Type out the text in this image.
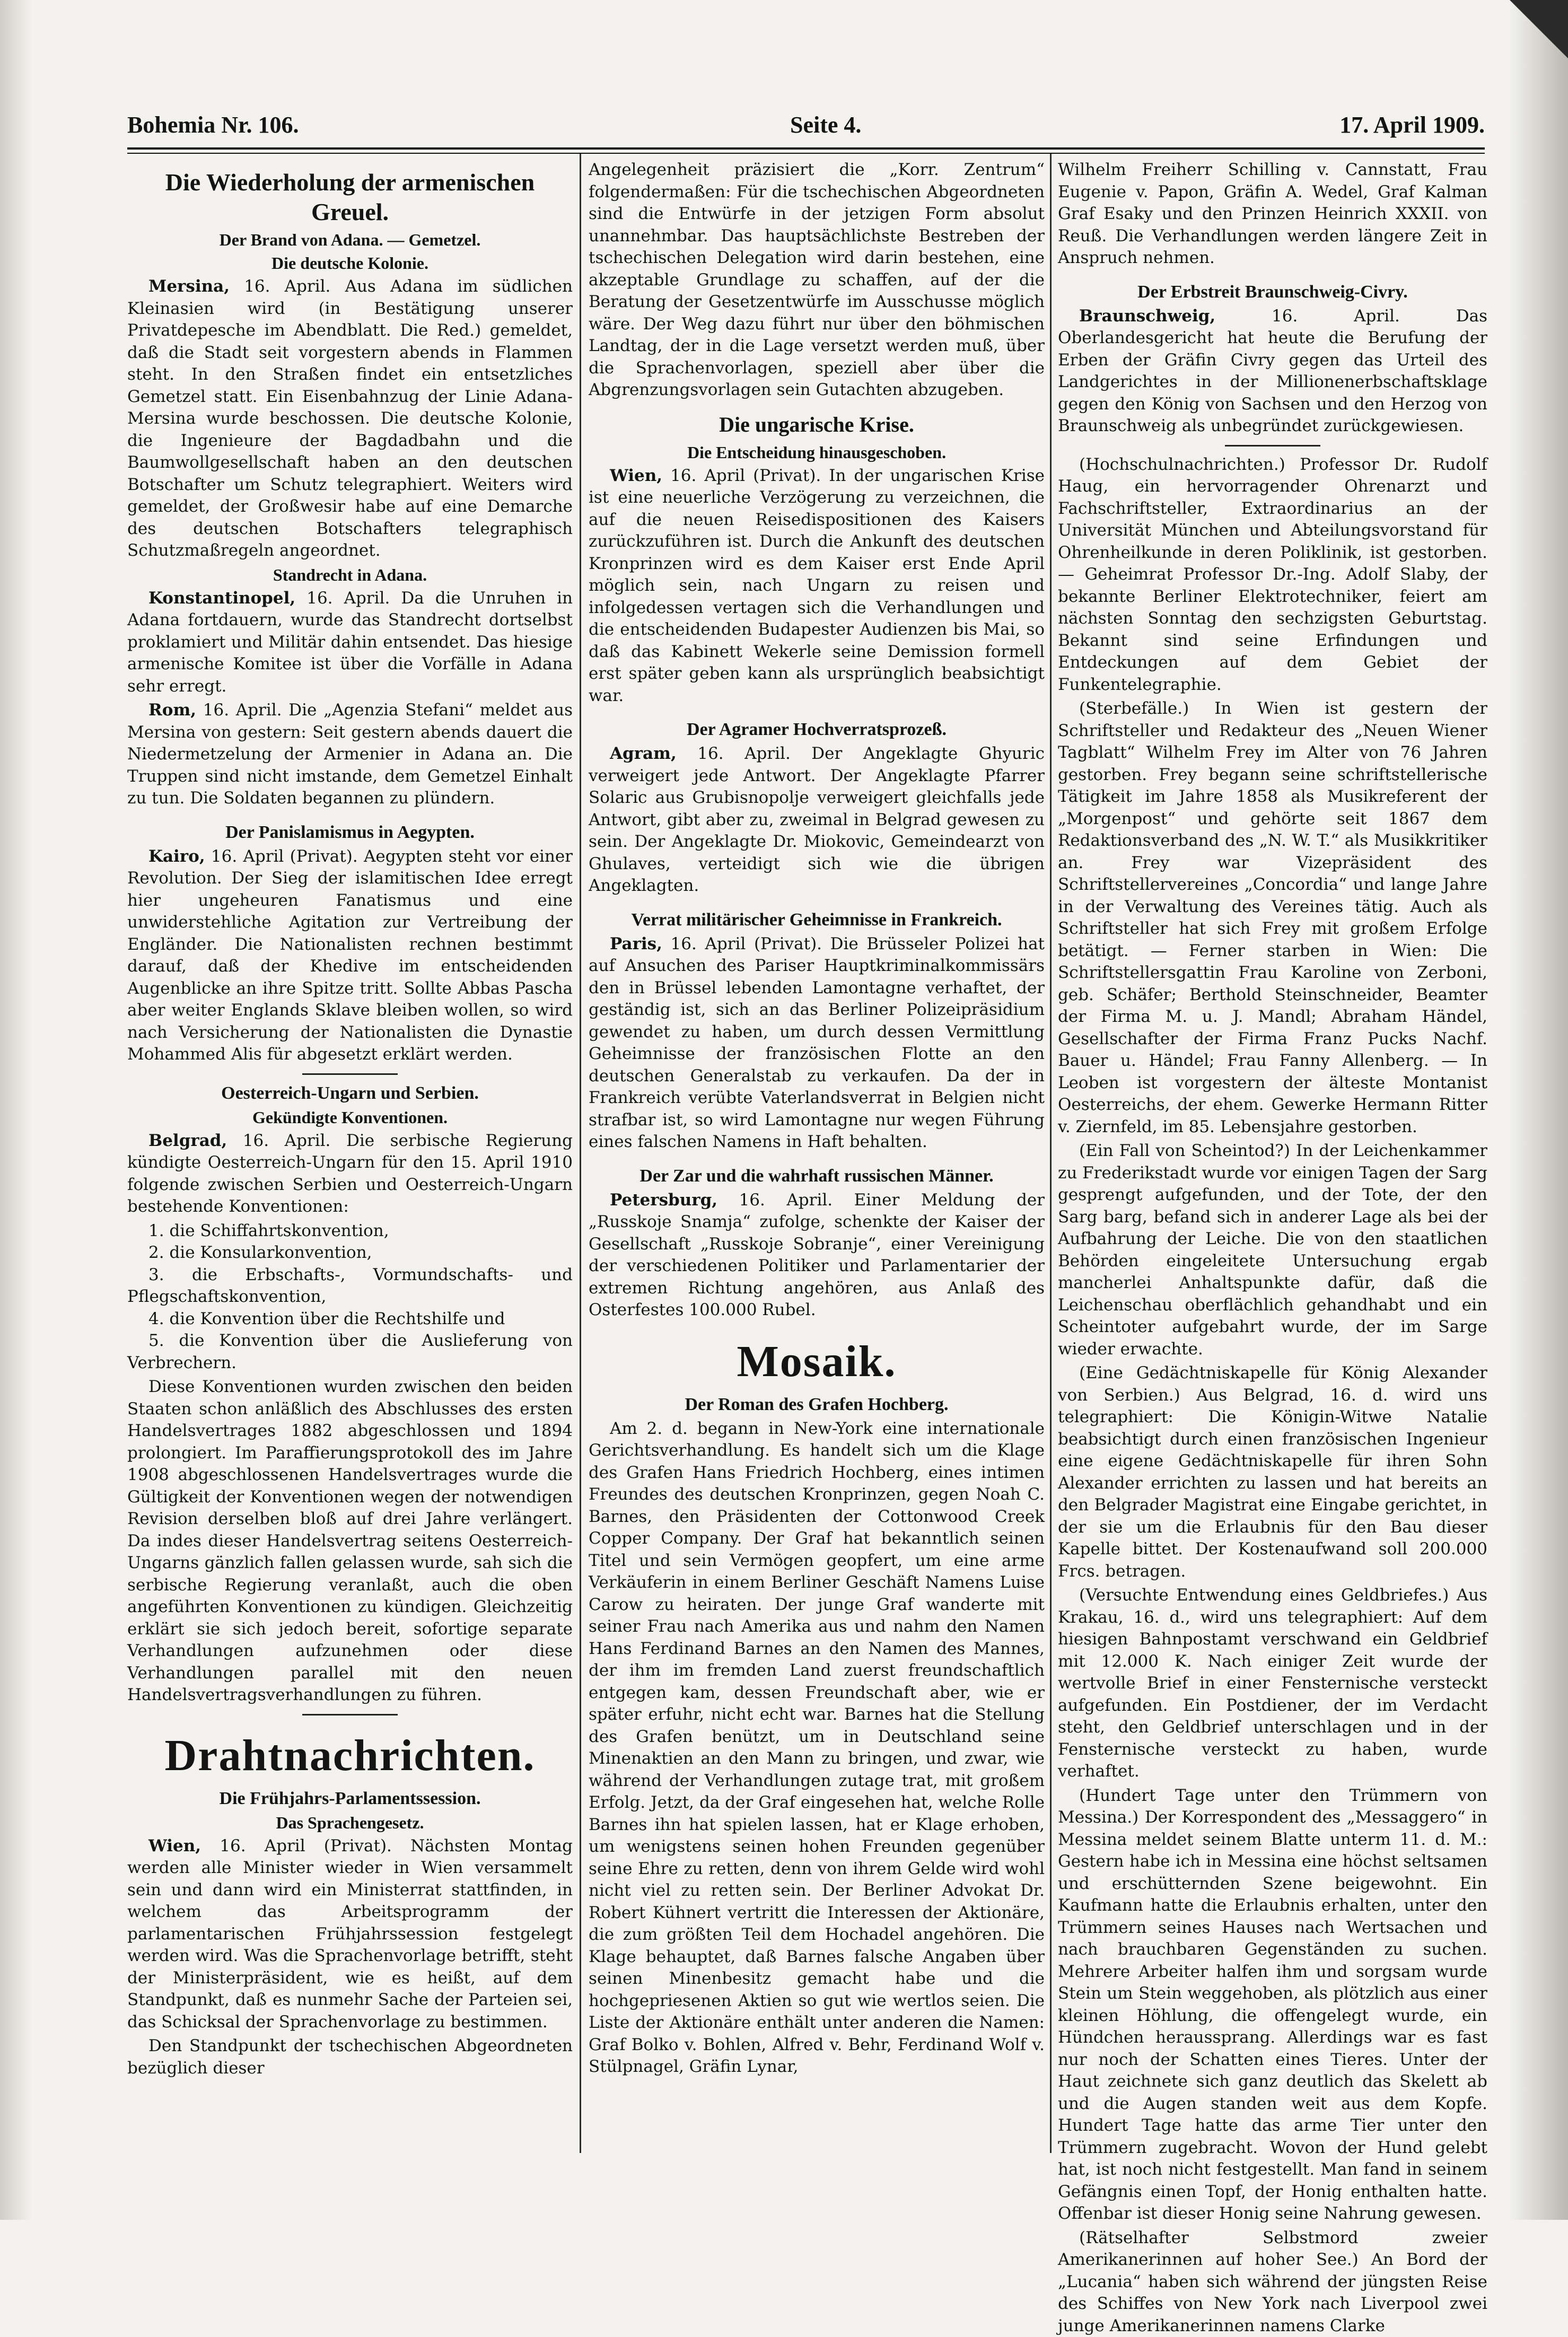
Bohemia Nr. 106.	Seite 4.	17. April 1909.
Die Wiederholung der armenischen Greuel.
Der Brand von Adana. — Gemetzel.
Die deutsche Kolonie.

Mersina, 16. April. Aus Adana im südlichen Kleinasien wird (in Bestätigung unserer Privatdepesche im Abendblatt. Die Red.) gemeldet, daß die Stadt seit vorgestern abends in Flammen steht. In den Straßen findet ein entsetzliches Gemetzel statt. Ein Eisenbahnzug der Linie Adana-Mersina wurde beschossen. Die deutsche Kolonie, die Ingenieure der Bagdadbahn und die Baumwollgesellschaft haben an den deutschen Botschafter um Schutz telegraphiert. Weiters wird gemeldet, der Großwesir habe auf eine Demarche des deutschen Botschafters telegraphisch Schutzmaßregeln angeordnet.

Standrecht in Adana.

Konstantinopel, 16. April. Da die Unruhen in Adana fortdauern, wurde das Standrecht dortselbst proklamiert und Militär dahin entsendet. Das hiesige armenische Komitee ist über die Vorfälle in Adana sehr erregt.

Rom, 16. April. Die „Agenzia Stefani“ meldet aus Mersina von gestern: Seit gestern abends dauert die Niedermetzelung der Armenier in Adana an. Die Truppen sind nicht imstande, dem Gemetzel Einhalt zu tun. Die Soldaten begannen zu plündern.

Der Panislamismus in Aegypten.

Kairo, 16. April (Privat). Aegypten steht vor einer Revolution. Der Sieg der islamitischen Idee erregt hier ungeheuren Fanatismus und eine unwiderstehliche Agitation zur Vertreibung der Engländer. Die Nationalisten rechnen bestimmt darauf, daß der Khedive im entscheidenden Augenblicke an ihre Spitze tritt. Sollte Abbas Pascha aber weiter Englands Sklave bleiben wollen, so wird nach Versicherung der Nationalisten die Dynastie Mohammed Alis für abgesetzt erklärt werden.

Oesterreich-Ungarn und Serbien.
Gekündigte Konventionen.

Belgrad, 16. April. Die serbische Regierung kündigte Oesterreich-Ungarn für den 15. April 1910 folgende zwischen Serbien und Oesterreich-Ungarn bestehende Konventionen:

1. die Schiffahrtskonvention,
2. die Konsularkonvention,
3. die Erbschafts-, Vormundschafts- und Pflegschaftskonvention,
4. die Konvention über die Rechtshilfe und
5. die Konvention über die Auslieferung von Verbrechern.

Diese Konventionen wurden zwischen den beiden Staaten schon anläßlich des Abschlusses des ersten Handelsvertrages 1882 abgeschlossen und 1894 prolongiert. Im Paraffierungsprotokoll des im Jahre 1908 abgeschlossenen Handelsvertrages wurde die Gültigkeit der Konventionen wegen der notwendigen Revision derselben bloß auf drei Jahre verlängert. Da indes dieser Handelsvertrag seitens Oesterreich-Ungarns gänzlich fallen gelassen wurde, sah sich die serbische Regierung veranlaßt, auch die oben angeführten Konventionen zu kündigen. Gleichzeitig erklärt sie sich jedoch bereit, sofortige separate Verhandlungen aufzunehmen oder diese Verhandlungen parallel mit den neuen Handelsvertragsverhandlungen zu führen.

Drahtnachrichten.
Die Frühjahrs-Parlamentssession.
Das Sprachengesetz.

Wien, 16. April (Privat). Nächsten Montag werden alle Minister wieder in Wien versammelt sein und dann wird ein Ministerrat stattfinden, in welchem das Arbeitsprogramm der parlamentarischen Frühjahrssession festgelegt werden wird. Was die Sprachenvorlage betrifft, steht der Ministerpräsident, wie es heißt, auf dem Standpunkt, daß es nunmehr Sache der Parteien sei, das Schicksal der Sprachenvorlage zu bestimmen.

Den Standpunkt der tschechischen Abgeordneten bezüglich dieser

Angelegenheit präzisiert die „Korr. Zentrum“ folgendermaßen: Für die tschechischen Abgeordneten sind die Entwürfe in der jetzigen Form absolut unannehmbar. Das hauptsächlichste Bestreben der tschechischen Delegation wird darin bestehen, eine akzeptable Grundlage zu schaffen, auf der die Beratung der Gesetzentwürfe im Ausschusse möglich wäre. Der Weg dazu führt nur über den böhmischen Landtag, der in die Lage versetzt werden muß, über die Sprachenvorlagen, speziell aber über die Abgrenzungsvorlagen sein Gutachten abzugeben.

Die ungarische Krise.
Die Entscheidung hinausgeschoben.

Wien, 16. April (Privat). In der ungarischen Krise ist eine neuerliche Verzögerung zu verzeichnen, die auf die neuen Reisedispositionen des Kaisers zurückzuführen ist. Durch die Ankunft des deutschen Kronprinzen wird es dem Kaiser erst Ende April möglich sein, nach Ungarn zu reisen und infolgedessen vertagen sich die Verhandlungen und die entscheidenden Budapester Audienzen bis Mai, so daß das Kabinett Wekerle seine Demission formell erst später geben kann als ursprünglich beabsichtigt war.

Der Agramer Hochverratsprozeß.

Agram, 16. April. Der Angeklagte Ghyuric verweigert jede Antwort. Der Angeklagte Pfarrer Solaric aus Grubisnopolje verweigert gleichfalls jede Antwort, gibt aber zu, zweimal in Belgrad gewesen zu sein. Der Angeklagte Dr. Miokovic, Gemeindearzt von Ghulaves, verteidigt sich wie die übrigen Angeklagten.

Verrat militärischer Geheimnisse in Frankreich.

Paris, 16. April (Privat). Die Brüsseler Polizei hat auf Ansuchen des Pariser Hauptkriminalkommissärs den in Brüssel lebenden Lamontagne verhaftet, der geständig ist, sich an das Berliner Polizeipräsidium gewendet zu haben, um durch dessen Vermittlung Geheimnisse der französischen Flotte an den deutschen Generalstab zu verkaufen. Da der in Frankreich verübte Vaterlandsverrat in Belgien nicht strafbar ist, so wird Lamontagne nur wegen Führung eines falschen Namens in Haft behalten.

Der Zar und die wahrhaft russischen Männer.

Petersburg, 16. April. Einer Meldung der „Russkoje Snamja“ zufolge, schenkte der Kaiser der Gesellschaft „Russkoje Sobranje“, einer Vereinigung der verschiedenen Politiker und Parlamentarier der extremen Richtung angehören, aus Anlaß des Osterfestes 100.000 Rubel.

Mosaik.
Der Roman des Grafen Hochberg.

Am 2. d. begann in New-York eine internationale Gerichtsverhandlung. Es handelt sich um die Klage des Grafen Hans Friedrich Hochberg, eines intimen Freundes des deutschen Kronprinzen, gegen Noah C. Barnes, den Präsidenten der Cottonwood Creek Copper Company. Der Graf hat bekanntlich seinen Titel und sein Vermögen geopfert, um eine arme Verkäuferin in einem Berliner Geschäft Namens Luise Carow zu heiraten. Der junge Graf wanderte mit seiner Frau nach Amerika aus und nahm den Namen Hans Ferdinand Barnes an den Namen des Mannes, der ihm im fremden Land zuerst freundschaftlich entgegen kam, dessen Freundschaft aber, wie er später erfuhr, nicht echt war. Barnes hat die Stellung des Grafen benützt, um in Deutschland seine Minenaktien an den Mann zu bringen, und zwar, wie während der Verhandlungen zutage trat, mit großem Erfolg. Jetzt, da der Graf eingesehen hat, welche Rolle Barnes ihn hat spielen lassen, hat er Klage erhoben, um wenigstens seinen hohen Freunden gegenüber seine Ehre zu retten, denn von ihrem Gelde wird wohl nicht viel zu retten sein. Der Berliner Advokat Dr. Robert Kühnert vertritt die Interessen der Aktionäre, die zum größten Teil dem Hochadel angehören. Die Klage behauptet, daß Barnes falsche Angaben über seinen Minenbesitz gemacht habe und die hochgepriesenen Aktien so gut wie wertlos seien. Die Liste der Aktionäre enthält unter anderen die Namen: Graf Bolko v. Bohlen, Alfred v. Behr, Ferdinand Wolf v. Stülpnagel, Gräfin Lynar,

Wilhelm Freiherr Schilling v. Cannstatt, Frau Eugenie v. Papon, Gräfin A. Wedel, Graf Kalman Graf Esaky und den Prinzen Heinrich XXXII. von Reuß. Die Verhandlungen werden längere Zeit in Anspruch nehmen.

Der Erbstreit Braunschweig-Civry.

Braunschweig,	16. April. Das Oberlandesgericht hat heute die Berufung der Erben der Gräfin Civry gegen das Urteil des Landgerichtes in der Millionenerbschaftsklage gegen den König von Sachsen und den Herzog von Braunschweig als unbegründet zurückgewiesen.

(Hochschulnachrichten.) Professor Dr. Rudolf Haug, ein hervorragender Ohrenarzt und Fachschriftsteller, Extraordinarius an der Universität München und Abteilungsvorstand für Ohrenheilkunde in deren Poliklinik, ist gestorben. — Geheimrat Professor Dr.-Ing. Adolf Slaby, der bekannte Berliner Elektrotechniker, feiert am nächsten Sonntag den sechzigsten Geburtstag. Bekannt sind seine Erfindungen und Entdeckungen auf dem Gebiet der Funkentelegraphie.

(Sterbefälle.) In Wien ist gestern der Schriftsteller und Redakteur des „Neuen Wiener Tagblatt“ Wilhelm Frey im Alter von 76 Jahren gestorben. Frey begann seine schriftstellerische Tätigkeit im Jahre 1858 als Musikreferent der „Morgenpost“ und gehörte seit 1867 dem Redaktionsverband des „N. W. T.“ als Musikkritiker an. Frey war Vizepräsident des Schriftstellervereines „Concordia“ und lange Jahre in der Verwaltung des Vereines tätig. Auch als Schriftsteller hat sich Frey mit großem Erfolge betätigt. — Ferner starben in Wien: Die Schriftstellersgattin Frau Karoline von Zerboni, geb. Schäfer; Berthold Steinschneider, Beamter der Firma M. u. J. Mandl; Abraham Händel, Gesellschafter der Firma Franz Pucks Nachf. Bauer u. Händel; Frau Fanny Allenberg. — In Leoben ist vorgestern der älteste Montanist Oesterreichs, der ehem. Gewerke Hermann Ritter v. Ziernfeld, im 85. Lebensjahre gestorben.

(Ein Fall von Scheintod?) In der Leichenkammer zu Frederikstadt wurde vor einigen Tagen der Sarg gesprengt aufgefunden, und der Tote, der den Sarg barg, befand sich in anderer Lage als bei der Aufbahrung der Leiche. Die von den staatlichen Behörden eingeleitete Untersuchung ergab mancherlei Anhaltspunkte dafür, daß die Leichenschau oberflächlich gehandhabt und ein Scheintoter aufgebahrt wurde, der im Sarge wieder erwachte.

(Eine Gedächtniskapelle für König Alexander von Serbien.) Aus Belgrad, 16. d. wird uns telegraphiert: Die Königin-Witwe Natalie beabsichtigt durch einen französischen Ingenieur eine eigene Gedächtniskapelle für ihren Sohn Alexander errichten zu lassen und hat bereits an den Belgrader Magistrat eine Eingabe gerichtet, in der sie um die Erlaubnis für den Bau dieser Kapelle bittet. Der Kostenaufwand soll 200.000 Frcs. betragen.

(Versuchte Entwendung eines Geldbriefes.) Aus Krakau, 16. d., wird uns telegraphiert: Auf dem hiesigen Bahnpostamt verschwand ein Geldbrief mit 12.000 K. Nach einiger Zeit wurde der wertvolle Brief in einer Fensternische versteckt aufgefunden. Ein Postdiener, der im Verdacht steht, den Geldbrief unterschlagen und in der Fensternische versteckt zu haben, wurde verhaftet.

(Hundert Tage unter den Trümmern von Messina.) Der Korrespondent des „Messaggero“ in Messina meldet seinem Blatte unterm 11. d. M.: Gestern habe ich in Messina eine höchst seltsamen und erschütternden Szene beigewohnt. Ein Kaufmann hatte die Erlaubnis erhalten, unter den Trümmern seines Hauses nach Wertsachen und nach brauchbaren Gegenständen zu suchen. Mehrere Arbeiter halfen ihm und sorgsam wurde Stein um Stein weggehoben, als plötzlich aus einer kleinen Höhlung, die offengelegt wurde, ein Hündchen heraussprang. Allerdings war es fast nur noch der Schatten eines Tieres. Unter der Haut zeichnete sich ganz deutlich das Skelett ab und die Augen standen weit aus dem Kopfe. Hundert Tage hatte das arme Tier unter den Trümmern zugebracht. Wovon der Hund gelebt hat, ist noch nicht festgestellt. Man fand in seinem Gefängnis einen Topf, der Honig enthalten hatte. Offenbar ist dieser Honig seine Nahrung gewesen.

(Rätselhafter Selbstmord zweier Amerikanerinnen auf hoher See.) An Bord der „Lucania“ haben sich während der jüngsten Reise des Schiffes von New York nach Liverpool zwei junge Amerikanerinnen namens Clarke
